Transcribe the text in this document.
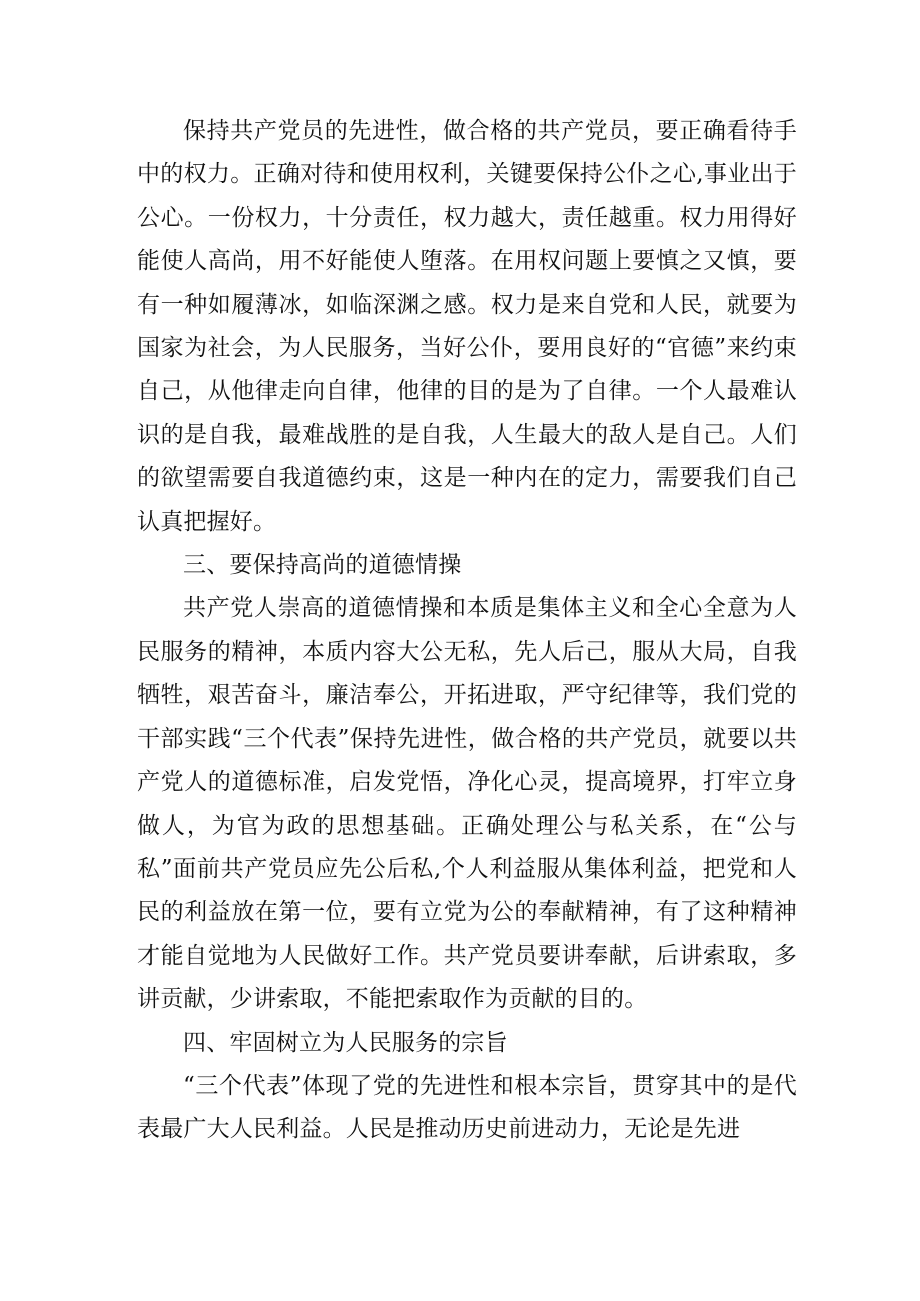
保持共产党员的先进性，做合格的共产党员，要正确看待手中的权力。正确对待和使用权利，关键要保持公仆之心,事业出于公心。一份权力，十分责任，权力越大，责任越重。权力用得好能使人高尚，用不好能使人堕落。在用权问题上要慎之又慎，要有一种如履薄冰，如临深渊之感。权力是来自党和人民，就要为国家为社会，为人民服务，当好公仆，要用良好的“官德”来约束自己，从他律走向自律，他律的目的是为了自律。一个人最难认识的是自我，最难战胜的是自我，人生最大的敌人是自己。人们的欲望需要自我道德约束，这是一种内在的定力，需要我们自己认真把握好。

三、要保持高尚的道德情操

共产党人崇高的道德情操和本质是集体主义和全心全意为人民服务的精神，本质内容大公无私，先人后己，服从大局，自我牺牲，艰苦奋斗，廉洁奉公，开拓进取，严守纪律等，我们党的干部实践“三个代表”保持先进性，做合格的共产党员，就要以共产党人的道德标准，启发党悟，净化心灵，提高境界，打牢立身做人，为官为政的思想基础。正确处理公与私关系，在“公与私”面前共产党员应先公后私,个人利益服从集体利益，把党和人民的利益放在第一位，要有立党为公的奉献精神，有了这种精神才能自觉地为人民做好工作。共产党员要讲奉献，后讲索取，多讲贡献，少讲索取，不能把索取作为贡献的目的。

四、牢固树立为人民服务的宗旨

“三个代表”体现了党的先进性和根本宗旨，贯穿其中的是代表最广大人民利益。人民是推动历史前进动力，无论是先进
